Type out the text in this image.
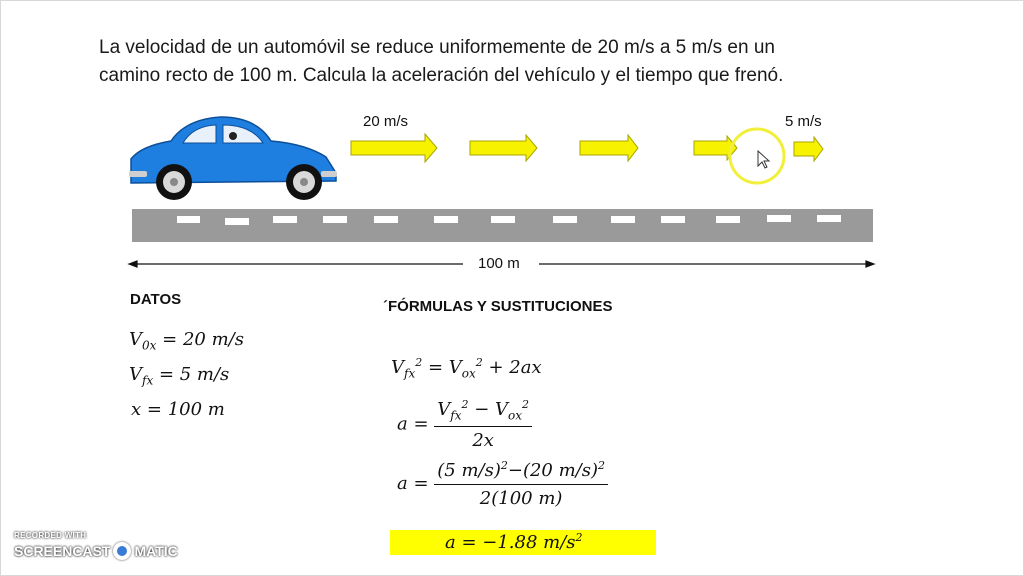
La velocidad de un automóvil se reduce uniformemente de 20 m/s a 5 m/s en un
camino recto de 100 m. Calcula la aceleración del vehículo y el tiempo que frenó.
20 m/s	5 m/s
100 m
DATOS
$V_{0x} = 20$ m/s
$V_{fx} = 5$ m/s
x = 100 m
´FÓRMULAS Y SUSTITUCIONES
$V_{fx}^2 = V_{ox}^2 + 2ax$
$a = \frac{V_{fx}^2 - V_{ox}^2}{2x}$
$a = \frac{(5 m/s)^2-(20 m/s)^2}{2(100 m)}$
a = −1.88 $m/s^2$
RECORDED WITH
SCREENCAST MATIC
